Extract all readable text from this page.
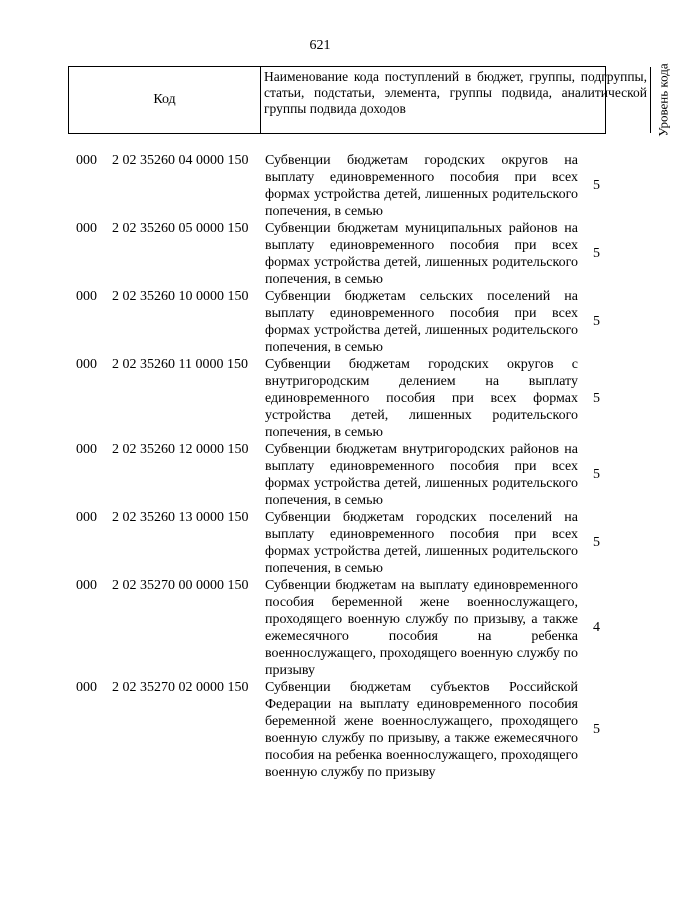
621
Код
Наименование кода поступлений в бюджет, группы, подгруппы, статьи, подстатьи, элемента, группы подвида, аналитической группы подвида доходов	Уровень кода
000 2 02 35260 04 0000 150 Субвенции бюджетам городских округов на выплату единовременного пособия при всех формах устройства детей, лишенных родительского попечения, в семью
5
000 2 02 35260 05 0000 150 Субвенции бюджетам муниципальных районов на выплату единовременного пособия при всех формах устройства детей, лишенных родительского попечения, в семью
5
000 2 02 35260 10 0000 150 Субвенции бюджетам сельских поселений на выплату единовременного пособия при всех формах устройства детей, лишенных родительского попечения, в семью
5
000 2 02 35260 11 0000 150 Субвенции бюджетам городских округов с внутригородским делением на выплату единовременного пособия при всех формах устройства детей, лишенных родительского попечения, в семью
5
000 2 02 35260 12 0000 150 Субвенции бюджетам внутригородских районов на выплату единовременного пособия при всех формах устройства детей, лишенных родительского попечения, в семью
5
000 2 02 35260 13 0000 150 Субвенции бюджетам городских поселений на выплату единовременного пособия при всех формах устройства детей, лишенных родительского попечения, в семью
5
000 2 02 35270 00 0000 150 Субвенции бюджетам на выплату единовременного пособия беременной жене военнослужащего, проходящего военную службу по призыву, а также ежемесячного пособия на ребенка военнослужащего, проходящего военную службу по призыву
4
000 2 02 35270 02 0000 150 Субвенции бюджетам субъектов Российской Федерации на выплату единовременного пособия беременной жене военнослужащего, проходящего военную службу по призыву, а также ежемесячного пособия на ребенка военнослужащего, проходящего военную службу по призыву
5
